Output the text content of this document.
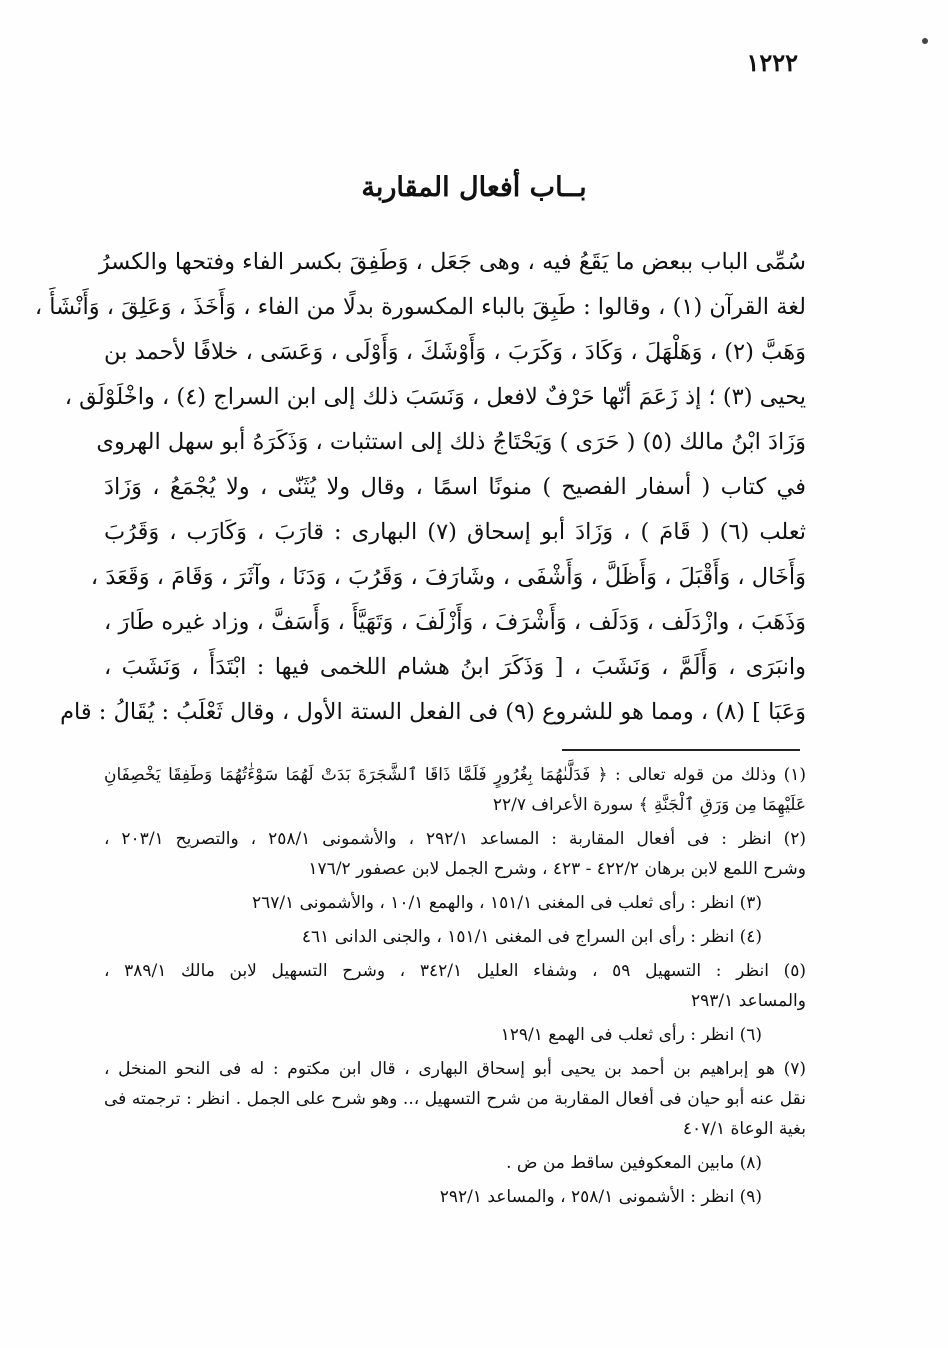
١٢٢٢
بــاب أفعال المقاربة
سُمِّى الباب ببعض ما يَقَعُ فيه ، وهى جَعَل ، وَطَفِقَ بكسر الفاء وفتحها والكسرُ
لغة القرآن (١) ، وقالوا : طَبِقَ بالباء المكسورة بدلًا من الفاء ، وَأَخَذَ ، وَعَلِقَ ، وَأَنْشَأَ ،
وَهَبَّ (٢) ، وَهَلْهَلَ ، وَكَادَ ، وَكَرَبَ ، وَأَوْشَكَ ، وَأَوْلَى ، وَعَسَى ، خلافًا لأحمد بن
يحيى (٣) ؛ إذ زَعَمَ أنّها حَرْفٌ لافعل ، وَنَسَبَ ذلك إلى ابن السراج (٤) ، واخْلَوْلَق ،
وَزَادَ ابْنُ مالك (٥) ( حَرَى ) وَيَحْتَاجُ ذلك إلى استثبات ، وَذَكَرَهُ أبو سهل الهروى
في كتاب ( أسفار الفصيح ) منونًا اسمًا ، وقال ولا يُثَنّى ، ولا يُجْمَعُ ، وَزَادَ
ثعلب (٦) ( قَامَ ) ، وَزَادَ أبو إسحاق (٧) البهارى : قارَبَ ، وَكَارَب ، وَقَرُبَ
وَأَخَال ، وَأَقْبَلَ ، وَأَظَلَّ ، وَأَشْفَى ، وشَارَفَ ، وَقَرُبَ ، وَدَنَا ، وآثَرَ ، وَقَامَ ، وَقَعَدَ ،
وَذَهَبَ ، وازْدَلَف ، وَدَلَف ، وَأَشْرَفَ ، وَأَزْلَفَ ، وَتَهَيَّأَ ، وَأَسَفَّ ، وزاد غيره طَارَ ،
وانبَرَى ، وَأَلَمَّ ، وَنَشَبَ ، [ وَذَكَرَ ابنُ هشام اللخمى فيها : ابْتَدَأَ ، وَنَشَبَ ،
وَعَبَا ] (٨) ، ومما هو للشروع (٩) فى الفعل الستة الأول ، وقال ثَعْلَبُ : يُقَالُ : قام
(١) وذلك من قوله تعالى : ﴿ فَدَلَّىٰهُمَا بِغُرُورٍ فَلَمَّا ذَاقَا ٱلشَّجَرَةَ بَدَتْ لَهُمَا سَوْءَٰتُهُمَا وَطَفِقَا يَخْصِفَانِ
عَلَيْهِمَا مِن وَرَقِ ٱلْجَنَّةِ ﴾ سورة الأعراف ٢٢/٧
(٢) انظر : فى أفعال المقاربة : المساعد ٢٩٢/١ ، والأشمونى ٢٥٨/١ ، والتصريح ٢٠٣/١ ،
وشرح اللمع لابن برهان ٤٢٢/٢ - ٤٢٣ ، وشرح الجمل لابن عصفور ١٧٦/٢
(٣) انظر : رأى ثعلب فى المغنى ١٥١/١ ، والهمع ١٠/١ ، والأشمونى ٢٦٧/١
(٤) انظر : رأى ابن السراج فى المغنى ١٥١/١ ، والجنى الدانى ٤٦١
(٥) انظر : التسهيل ٥٩ ، وشفاء العليل ٣٤٢/١ ، وشرح التسهيل لابن مالك ٣٨٩/١ ،
والمساعد ٢٩٣/١
(٦) انظر : رأى ثعلب فى الهمع ١٢٩/١
(٧) هو إبراهيم بن أحمد بن يحيى أبو إسحاق البهارى ، قال ابن مكتوم : له فى النحو المنخل ،
نقل عنه أبو حيان فى أفعال المقاربة من شرح التسهيل ،.. وهو شرح على الجمل . انظر : ترجمته فى
بغية الوعاة ٤٠٧/١
(٨) مابين المعكوفين ساقط من ض .
(٩) انظر : الأشمونى ٢٥٨/١ ، والمساعد ٢٩٢/١
